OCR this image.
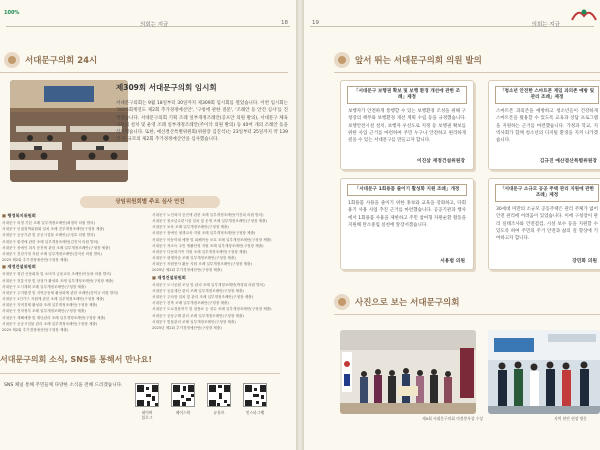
100%
의회는 지금	18
서대문구의회 24시
제309회 서대문구의회 임시회
서대문구의회는 9월 18일부터 30일까지 제309회 임시회를 열었습니다. 이번 임시회는 '2025회계연도 제2회 추가경정예산안', '구청에 관한 질문', '조례안 등 안건 심사'를 진행했습니다. 서대문구의회 기획 조례 일부개정조례안(공포안 의원 발의), 서대문구 체육시설의 설치 및 운영 조례 일부개정조례안(주이삭 의원 발의) 등 40여 개의 조례안 등을 심사했습니다. 또한, 예산결산특별위원회(위원장 김진석)는 23일부터 25일까지 약 139억 원 규모의 제2회 추가경정예산안을 심사했습니다.
상임위원회별 주요 심사 안건
■ 행정복지위원회
서대문구 의정 기본 조례 일부개정조례안(최정미 의원 발의)
서대문구 인권정책위원회 설치 조례 전부개정조례안(구청장 제출)
서대문구 공공기관 및 공공시설물 조례안(주정호 의원 발의)
서대문구 환경에 관한 조례 일부개정조례안(김진석 의원 발의)
서대문구 장애인 복지 증진에 관한 조례 일부개정조례안(구청장 제출)
서대문구 건강가정 지원 조례 일부개정조례안(김미선 의원 발의)
2025 제2회 추가경정예산안(구청장 제출)
■ 재정건설위원회
서대문구 청년 신용회복 및 소비자 금융교육 조례안(이동화 의원 발의)
서대문구 전통시장 및 상점가 활성화 조례 일부개정조례안(구청장 제출)
서대문구 도시계획 조례 일부개정조례안(구청장 제출)
서대문구 주거환경 및 지역공동체 활성화에 관한 조례안(강덕규 의원 발의)
서대문구 1인가구 지원에 관한 조례 일부개정조례안(구청장 제출)
서대문구 지역경제 활성화 조례 일부개정조례안(구청장 제출)
서대문구 전자정부 조례 일부개정조례안(구청장 제출)
서대문구 재해예방 및 재난관리 조례 일부개정조례안(구청장 제출)
서대문구 공공시설물 관리 조례 일부개정조례안(구청장 제출)
2025 제2회 추가경정예산안(구청장 제출)
서대문구 노인복지 증진에 관한 조례 일부개정조례안(이진희 의원 발의)
서대문구 청소년수련시설 설치 및 운영 조례 일부개정조례안(구청장 제출)
서대문구 보육 조례 일부개정조례안(구청장 제출)
서대문구 장애인 평생교육 지원 조례 일부개정조례안(구청장 제출)
서대문구 아동학대 예방 및 피해아동 보호 조례 일부개정조례안(구청장 제출)
서대문구 저소득 주민 생활안정 지원 조례 일부개정조례안(구청장 제출)
서대문구 다문화가족 지원 조례 일부개정조례안(구청장 제출)
서대문구 평생학습 조례 일부개정조례안(구청장 제출)
서대문구 자원봉사 활동 지원 조례 일부개정조례안(구청장 제출)
2025년 제2회 추가경정예산안(구청장 제출)
■ 재정건설위원회
서대문구 도시공원 조성 및 관리 조례 일부개정조례안(박경희 의원 발의)
서대문구 공유재산 관리 조례 일부개정조례안(구청장 제출)
서대문구 주차장 설치 및 관리 조례 일부개정조례안(구청장 제출)
서대문구 건축 조례 일부개정조례안(구청장 제출)
서대문구 도로점용허가 및 점용료 등 징수 조례 일부개정조례안(구청장 제출)
서대문구 공동주택 관리 조례 일부개정조례안(구청장 제출)
서대문구 빗물관리 조례 일부개정조례안(구청장 제출)
2025년 제2회 추가경정예산안(구청장 제출)
서대문구의회 소식, SNS를 통해서 만나요!
SNS 채널 통해 주민들께 다양한 소식을 전해 드리겠습니다.
네이버
블로그
페이스북	유튜브	인스타그램
19	의회는 지금
앞서 뛰는 서대문구의회 의원 발의
「서대문구 보행권 확보 및 보행 환경 개선에 관한 조례」제정
보행자가 안전하게 통행할 수 있는 보행환경 조성을 위해 구청장의 책무와 보행환경 개선 계획 수립 등을 규정했습니다. 보행안전시설 설치, 보행자 우선도로 지정 등 보행권 확보를 위한 사업 근거를 마련하여 주민 누구나 안전하고 편리하게 걸을 수 있는 서대문구를 만들고자 합니다.
이진삼 재정건설위원장
「청소년 안전한 스마트폰 게임 과의존 예방 및 관리 조례」제정
스마트폰 과의존을 예방하고 청소년들이 건강하게 스마트폰을 활용할 수 있도록 교육과 상담 프로그램을 지원하는 근거를 마련했습니다. 가정과 학교, 지역사회가 함께 청소년의 디지털 환경을 지켜 나가겠습니다.
김규진 예산결산특별위원장
「서대문구 1회용품 줄이기 활성화 지원 조례」개정
1회용품 사용을 줄이기 위한 홍보와 교육을 강화하고, 다회용기 사용 사업 추진 근거를 마련했습니다. 공공기관과 행사에서 1회용품 사용을 제한하고 주민 참여형 자원순환 활동을 지원해 탄소중립 실천에 앞장서겠습니다.
서용범 의원
「서대문구 소규모 공공 주택 관리 지원에 관한 조례」제정
30세대 미만의 소규모 공동주택은 관리 주체가 없어 안전 관리에 어려움이 있었습니다. 이에 구청장이 관리 실태조사와 안전점검, 시설 보수 등을 지원할 수 있도록 하여 주민의 주거 안전과 삶의 질 향상에 기여하고자 합니다.
강민화 의원
사진으로 보는 서대문구의회
제9회 서대문구의회 의정봉사상 수상	지역 현안 현장 방문
